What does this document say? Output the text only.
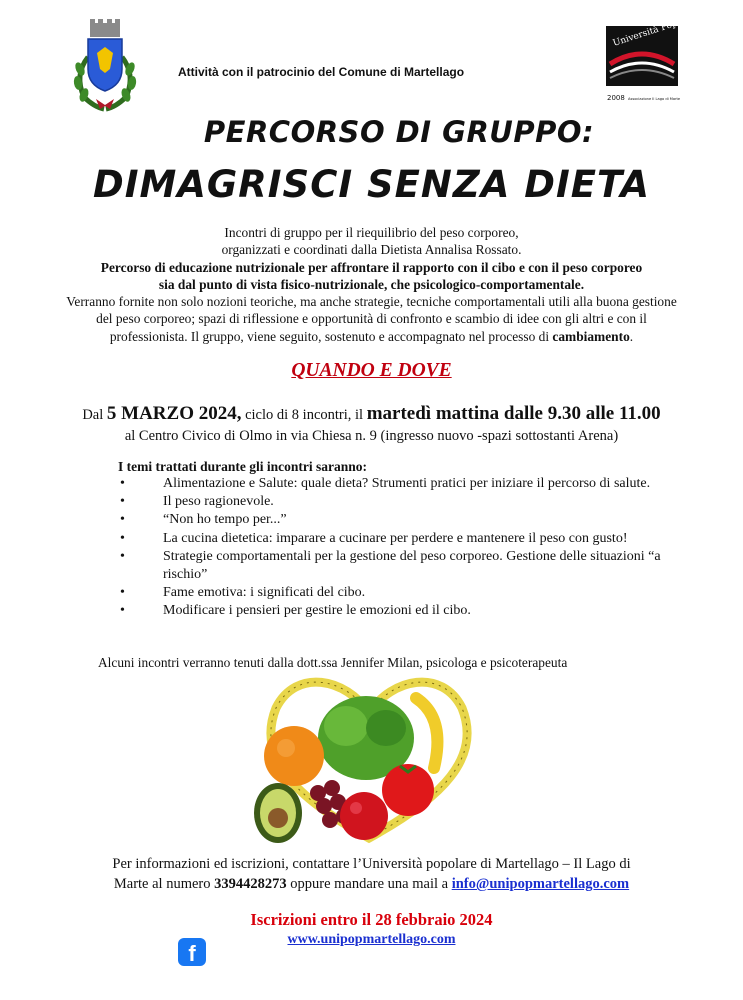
Attività con il patrocinio del Comune di Martellago
Università Popolare
2008 Associazione Il Lago di Marte
PERCORSO DI GRUPPO:
DIMAGRISCI SENZA DIETA
Incontri di gruppo per il riequilibrio del peso corporeo,
organizzati e coordinati dalla Dietista Annalisa Rossato.
Percorso di educazione nutrizionale per affrontare il rapporto con il cibo e con il peso corporeo
sia dal punto di vista fisico-nutrizionale, che psicologico-comportamentale.
Verranno fornite non solo nozioni teoriche, ma anche strategie, tecniche comportamentali utili alla buona gestione del peso corporeo; spazi di riflessione e opportunità di confronto e scambio di idee con gli altri e con il professionista. Il gruppo, viene seguito, sostenuto e accompagnato nel processo di cambiamento.
QUANDO E DOVE
Dal 5 MARZO 2024, ciclo di 8 incontri, il martedì mattina dalle 9.30 alle 11.00
al Centro Civico di Olmo in via Chiesa n. 9 (ingresso nuovo -spazi sottostanti Arena)
I temi trattati durante gli incontri saranno:
•	Alimentazione e Salute: quale dieta? Strumenti pratici per iniziare il percorso di salute.
•	Il peso ragionevole.
•	“Non ho tempo per...”
•	La cucina dietetica: imparare a cucinare per perdere e mantenere il peso con gusto!
•	Strategie comportamentali per la gestione del peso corporeo. Gestione delle situazioni “a rischio”
•	Fame emotiva: i significati del cibo.
•	Modificare i pensieri per gestire le emozioni ed il cibo.
Alcuni incontri verranno tenuti dalla dott.ssa Jennifer Milan, psicologa e psicoterapeuta
Per informazioni ed iscrizioni, contattare l’Università popolare di Martellago – Il Lago di
Marte al numero 3394428273 oppure mandare una mail a info@unipopmartellago.com
Iscrizioni entro il 28 febbraio 2024
www.unipopmartellago.com
f
